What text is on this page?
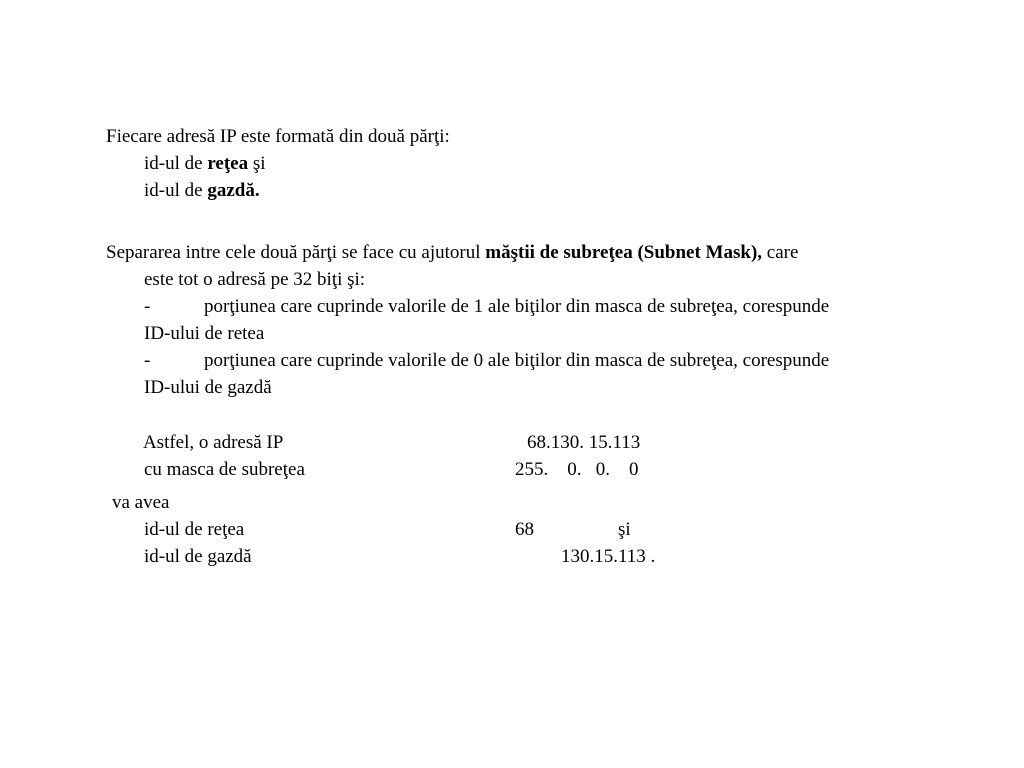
Fiecare adresă IP este formată din două părţi:

id-ul de reţea şi

id-ul de gazdă.

Separarea intre cele două părţi se face cu ajutorul măştii de subreţea (Subnet Mask), care

este tot o adresă pe 32 biţi şi:

-
	porţiunea care cuprinde valorile de 1 ale biţilor din masca de subreţea, corespunde

ID-ului de retea

-
	porţiunea care cuprinde valorile de 0 ale biţilor din masca de subreţea, corespunde

ID-ului de gazdă

Astfel, o adresă IP
	68.130. 15.113

cu masca de subreţea
	255.    0.   0.    0

va avea

id-ul de reţea
	68
	şi

id-ul de gazdă
	130.15.113 .
